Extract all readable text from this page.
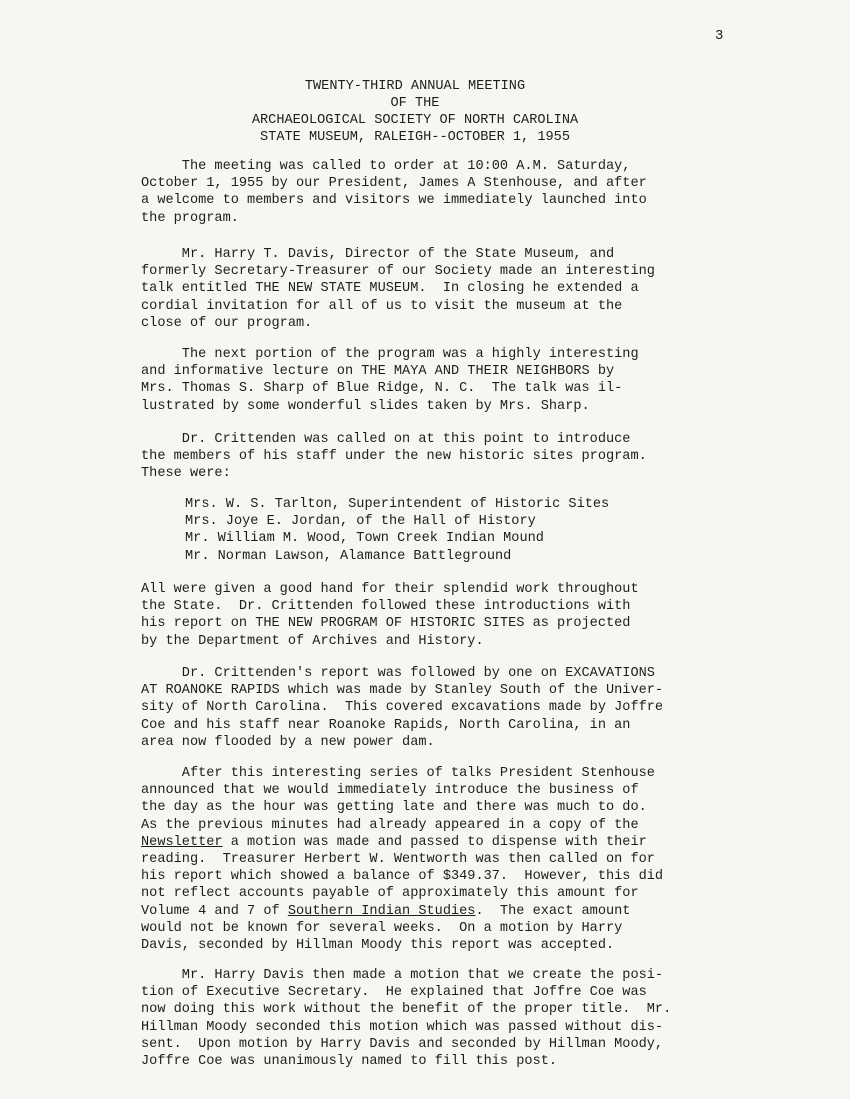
3
TWENTY-THIRD ANNUAL MEETING
OF THE
ARCHAEOLOGICAL SOCIETY OF NORTH CAROLINA
STATE MUSEUM, RALEIGH--OCTOBER 1, 1955
The meeting was called to order at 10:00 A.M. Saturday,
October 1, 1955 by our President, James A Stenhouse, and after
a welcome to members and visitors we immediately launched into
the program.
Mr. Harry T. Davis, Director of the State Museum, and
formerly Secretary-Treasurer of our Society made an interesting
talk entitled THE NEW STATE MUSEUM.  In closing he extended a
cordial invitation for all of us to visit the museum at the
close of our program.
The next portion of the program was a highly interesting
and informative lecture on THE MAYA AND THEIR NEIGHBORS by
Mrs. Thomas S. Sharp of Blue Ridge, N. C.  The talk was il-
lustrated by some wonderful slides taken by Mrs. Sharp.
Dr. Crittenden was called on at this point to introduce
the members of his staff under the new historic sites program.
These were:
Mrs. W. S. Tarlton, Superintendent of Historic Sites
Mrs. Joye E. Jordan, of the Hall of History
Mr. William M. Wood, Town Creek Indian Mound
Mr. Norman Lawson, Alamance Battleground
All were given a good hand for their splendid work throughout
the State.  Dr. Crittenden followed these introductions with
his report on THE NEW PROGRAM OF HISTORIC SITES as projected
by the Department of Archives and History.
Dr. Crittenden's report was followed by one on EXCAVATIONS
AT ROANOKE RAPIDS which was made by Stanley South of the Univer-
sity of North Carolina.  This covered excavations made by Joffre
Coe and his staff near Roanoke Rapids, North Carolina, in an
area now flooded by a new power dam.
After this interesting series of talks President Stenhouse
announced that we would immediately introduce the business of
the day as the hour was getting late and there was much to do.
As the previous minutes had already appeared in a copy of the
Newsletter a motion was made and passed to dispense with their
reading.  Treasurer Herbert W. Wentworth was then called on for
his report which showed a balance of $349.37.  However, this did
not reflect accounts payable of approximately this amount for
Volume 4 and 7 of Southern Indian Studies.  The exact amount
would not be known for several weeks.  On a motion by Harry
Davis, seconded by Hillman Moody this report was accepted.
Mr. Harry Davis then made a motion that we create the posi-
tion of Executive Secretary.  He explained that Joffre Coe was
now doing this work without the benefit of the proper title.  Mr.
Hillman Moody seconded this motion which was passed without dis-
sent.  Upon motion by Harry Davis and seconded by Hillman Moody,
Joffre Coe was unanimously named to fill this post.
